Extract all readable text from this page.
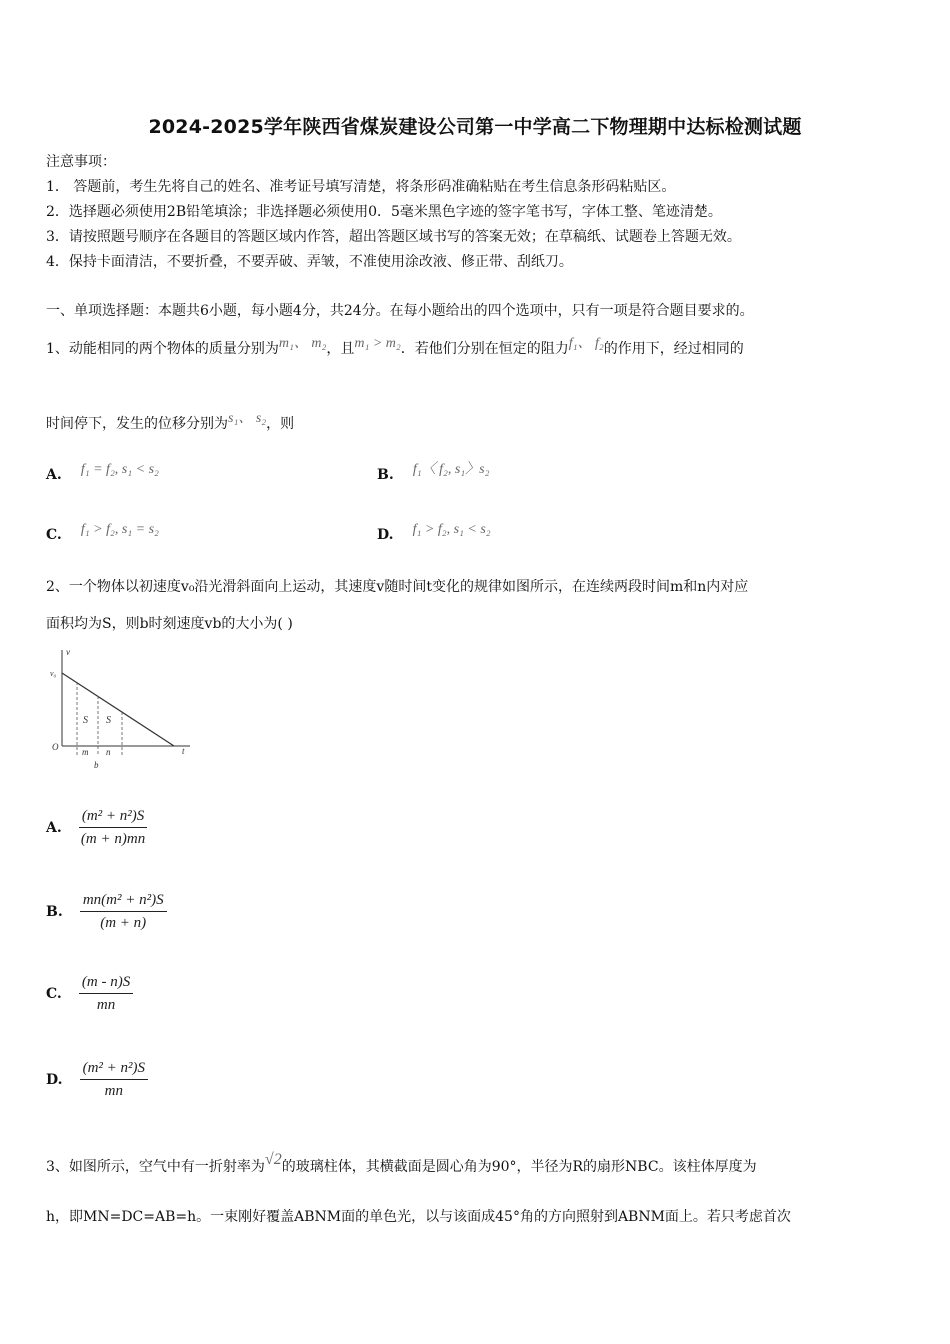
2024-2025学年陕西省煤炭建设公司第一中学高二下物理期中达标检测试题
注意事项：
1． 答题前，考生先将自己的姓名、准考证号填写清楚，将条形码准确粘贴在考生信息条形码粘贴区。
2．选择题必须使用2B铅笔填涂；非选择题必须使用0．5毫米黑色字迹的签字笔书写，字体工整、笔迹清楚。
3．请按照题号顺序在各题目的答题区域内作答，超出答题区域书写的答案无效；在草稿纸、试题卷上答题无效。
4．保持卡面清洁，不要折叠，不要弄破、弄皱，不准使用涂改液、修正带、刮纸刀。
一、单项选择题：本题共6小题，每小题4分，共24分。在每小题给出的四个选项中，只有一项是符合题目要求的。
1、动能相同的两个物体的质量分别为m₁、 m₂，且m₁ > m₂．若他们分别在恒定的阻力f₁、 f₂的作用下，经过相同的
时间停下，发生的位移分别为s₁、 s₂，则
A. f₁ = f₂, s₁ < s₂	B. f₁〈 f₂, s₁〉s₂
C. f₁ > f₂, s₁ = s₂	D. f₁ > f₂, s₁ < s₂
2、一个物体以初速度v₀沿光滑斜面向上运动，其速度v随时间t变化的规律如图所示，在连续两段时间m和n内对应
面积均为S，则b时刻速度vb的大小为( )
v
v₀
O	t
S S
m n
b
A. $\frac{\text{(m² + n²)S}}{(m + n)mn}$
B. $\frac{\text{mn(m² + n²)S}}{(m + n)}$
C. $\frac{(m - n)S}{mn}$
D. $\frac{\text{(m² + n²)S}}{mn}$
3、如图所示，空气中有一折射率为√2的玻璃柱体，其横截面是圆心角为90°，半径为R的扇形NBC。该柱体厚度为
h，即MN=DC=AB=h。一束刚好覆盖ABNM面的单色光，以与该面成45°角的方向照射到ABNM面上。若只考虑首次
